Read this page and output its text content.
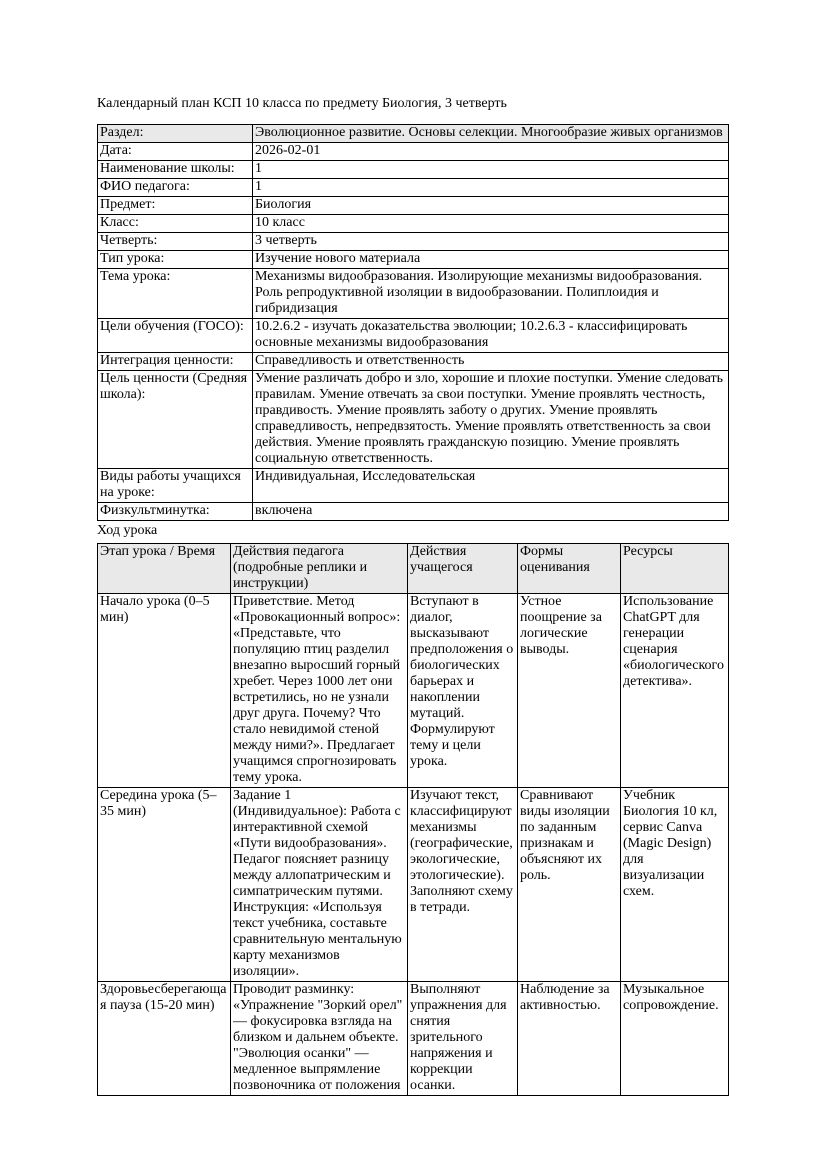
Календарный план КСП 10 класса по предмету Биология, 3 четверть

Раздел:	Эволюционное развитие. Основы селекции. Многообразие живых организмов
Дата:	2026-02-01
Наименование школы:	1
ФИО педагога:	1
Предмет:	Биология
Класс:	10 класс
Четверть:	3 четверть
Тип урока:	Изучение нового материала
Тема урока:	Механизмы видообразования. Изолирующие механизмы видообразования. Роль репродуктивной изоляции в видообразовании. Полиплоидия и гибридизация
Цели обучения (ГОСО):	10.2.6.2 - изучать доказательства эволюции; 10.2.6.3 - классифицировать основные механизмы видообразования
Интеграция ценности:	Справедливость и ответственность
Цель ценности (Средняя школа):	Умение различать добро и зло, хорошие и плохие поступки. Умение следовать правилам. Умение отвечать за свои поступки. Умение проявлять честность, правдивость. Умение проявлять заботу о других. Умение проявлять справедливость, непредвзятость. Умение проявлять ответственность за свои действия. Умение проявлять гражданскую позицию. Умение проявлять социальную ответственность.
Виды работы учащихся на уроке:	Индивидуальная, Исследовательская
Физкультминутка:	включена

Ход урока

Этап урока / Время	Действия педагога (подробные реплики и инструкции)	Действия учащегося	Формы оценивания	Ресурсы
Начало урока (0–5 мин)	Приветствие. Метод «Провокационный вопрос»: «Представьте, что популяцию птиц разделил внезапно выросший горный хребет. Через 1000 лет они встретились, но не узнали друг друга. Почему? Что стало невидимой стеной между ними?». Предлагает учащимся спрогнозировать тему урока.	Вступают в диалог, высказывают предположения о биологических барьерах и накоплении мутаций. Формулируют тему и цели урока.	Устное поощрение за логические выводы.	Использование ChatGPT для генерации сценария «биологического детектива».
Середина урока (5–35 мин)	Задание 1 (Индивидуальное): Работа с интерактивной схемой «Пути видообразования». Педагог поясняет разницу между аллопатрическим и симпатрическим путями. Инструкция: «Используя текст учебника, составьте сравнительную ментальную карту механизмов изоляции».	Изучают текст, классифицируют механизмы (географические, экологические, этологические). Заполняют схему в тетради.	Сравнивают виды изоляции по заданным признакам и объясняют их роль.	Учебник Биология 10 кл, сервис Canva (Magic Design) для визуализации схем.
Здоровьесберегающая пауза (15-20 мин)	Проводит разминку: «Упражнение "Зоркий орел" — фокусировка взгляда на близком и дальнем объекте. "Эволюция осанки" — медленное выпрямление позвоночника от положения	Выполняют упражнения для снятия зрительного напряжения и коррекции осанки.	Наблюдение за активностью.	Музыкальное сопровождение.
